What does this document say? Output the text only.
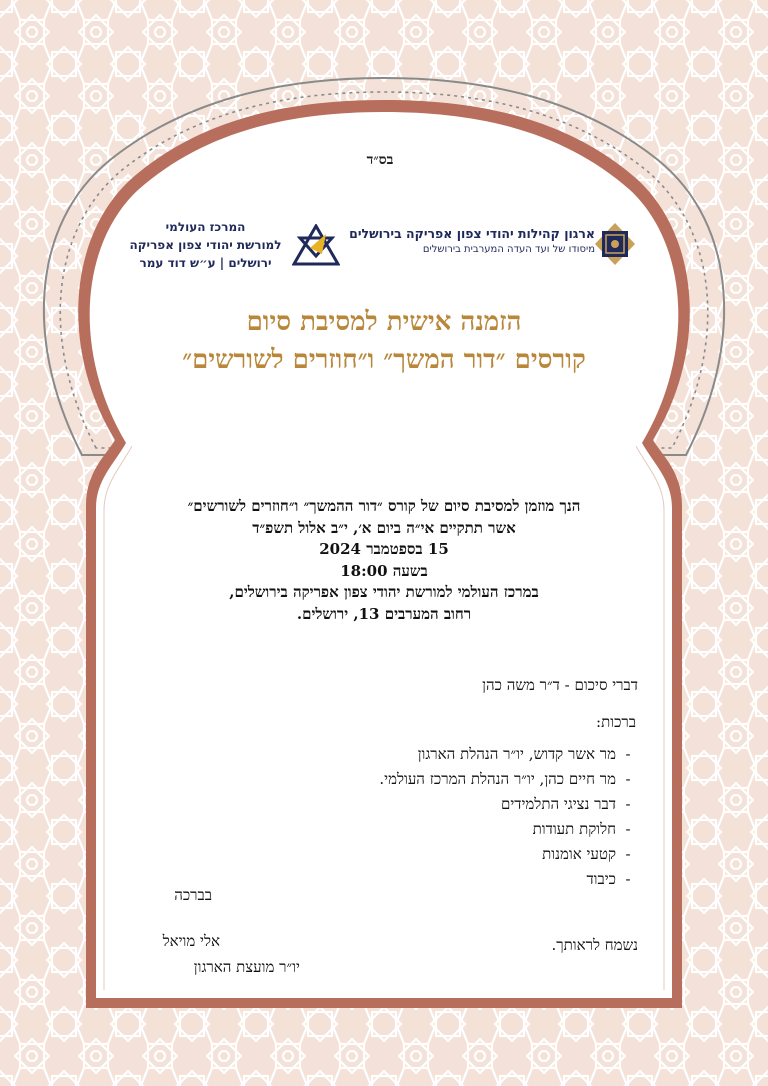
בס״ד
המרכז העולמי
למורשת יהודי צפון אפריקה
ירושלים | ע״ש דוד עמר
ארגון קהילות יהודי צפון אפריקה בירושלים
מיסודו של ועד העדה המערבית בירושלים
הזמנה אישית למסיבת סיום
קורסים ״דור המשך״ ו״חוזרים לשורשים״
הנך מוזמן למסיבת סיום של קורס ״דור ההמשך״ ו״חוזרים לשורשים״
אשר תתקיים אי״ה ביום א׳, י״ב אלול תשפ״ד
15 בספטמבר 2024
בשעה 18:00
במרכז העולמי למורשת יהודי צפון אפריקה בירושלים,
רחוב המערבים 13, ירושלים.
דברי סיכום - ד״ר משה כהן
ברכות:
-
מר אשר קדוש, יו״ר הנהלת הארגון
-
מר חיים כהן, יו״ר הנהלת המרכז העולמי.
-
דבר נציגי התלמידים
-
חלוקת תעודות
-
קטעי אומנות
-
כיבוד
בברכה
אלי מויאל
יו״ר מועצת הארגון
נשמח לראותך.
